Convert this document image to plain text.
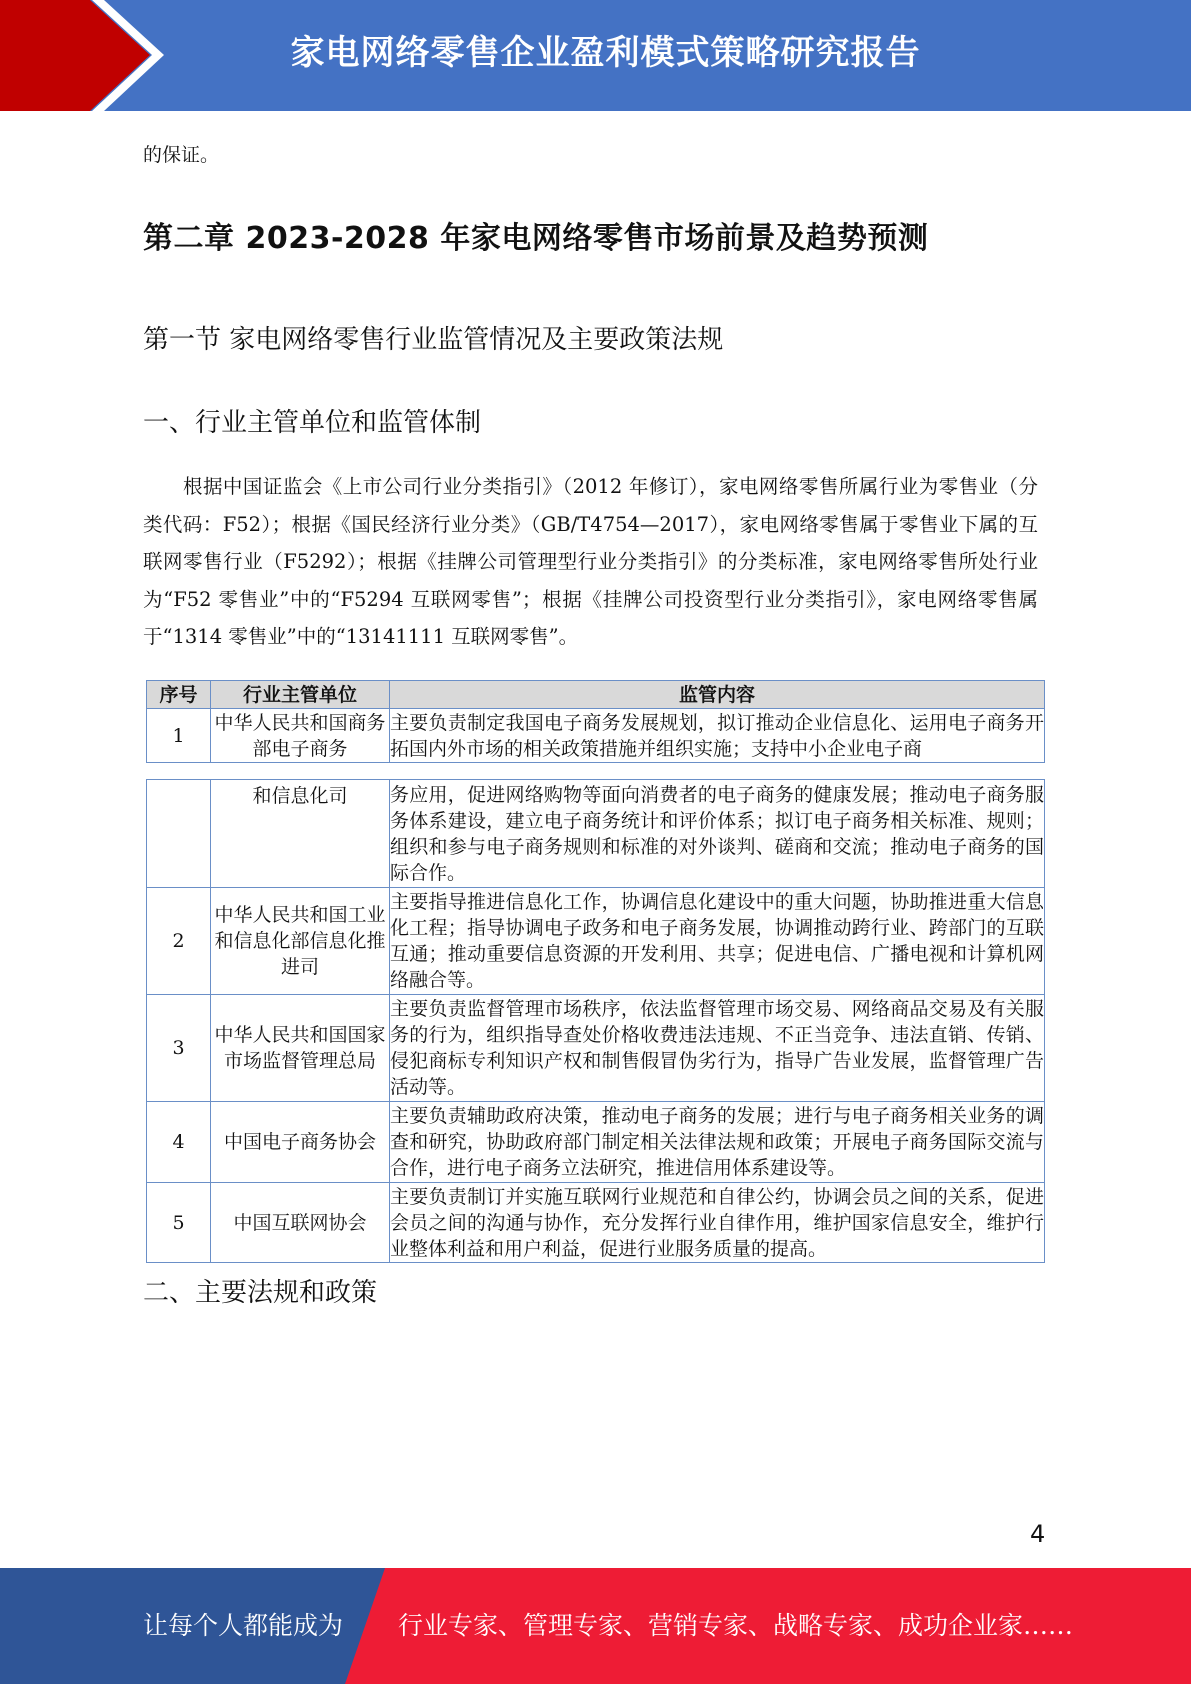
家电网络零售企业盈利模式策略研究报告
的保证。
第二章 2023-2028 年家电网络零售市场前景及趋势预测
第一节 家电网络零售行业监管情况及主要政策法规
一、行业主管单位和监管体制

根据中国证监会《上市公司行业分类指引》（2012 年修订），家电网络零售所属行业为零售业（分类代码：F52）；根据《国民经济行业分类》（GB/T4754—2017），家电网络零售属于零售业下属的互联网零售行业（F5292）；根据《挂牌公司管理型行业分类指引》的分类标准，家电网络零售所处行业为“F52 零售业”中的“F5294 互联网零售”；根据《挂牌公司投资型行业分类指引》，家电网络零售属于“1314 零售业”中的“13141111 互联网零售”。

序号	行业主管单位	监管内容
1	中华人民共和国商务部电子商务	主要负责制定我国电子商务发展规划，拟订推动企业信息化、运用电子商务开拓国内外市场的相关政策措施并组织实施；支持中小企业电子商
	和信息化司	务应用，促进网络购物等面向消费者的电子商务的健康发展；推动电子商务服务体系建设，建立电子商务统计和评价体系；拟订电子商务相关标准、规则；组织和参与电子商务规则和标准的对外谈判、磋商和交流；推动电子商务的国际合作。
2	中华人民共和国工业和信息化部信息化推进司	主要指导推进信息化工作，协调信息化建设中的重大问题，协助推进重大信息化工程；指导协调电子政务和电子商务发展，协调推动跨行业、跨部门的互联互通；推动重要信息资源的开发利用、共享；促进电信、广播电视和计算机网络融合等。
3	中华人民共和国国家市场监督管理总局	主要负责监督管理市场秩序，依法监督管理市场交易、网络商品交易及有关服务的行为，组织指导查处价格收费违法违规、不正当竞争、违法直销、传销、侵犯商标专利知识产权和制售假冒伪劣行为，指导广告业发展，监督管理广告活动等。
4	中国电子商务协会	主要负责辅助政府决策，推动电子商务的发展；进行与电子商务相关业务的调查和研究，协助政府部门制定相关法律法规和政策；开展电子商务国际交流与合作，进行电子商务立法研究，推进信用体系建设等。
5	中国互联网协会	主要负责制订并实施互联网行业规范和自律公约，协调会员之间的关系，促进会员之间的沟通与协作，充分发挥行业自律作用，维护国家信息安全，维护行业整体利益和用户利益，促进行业服务质量的提高。
二、主要法规和政策
4
让每个人都能成为 行业专家、管理专家、营销专家、战略专家、成功企业家……
